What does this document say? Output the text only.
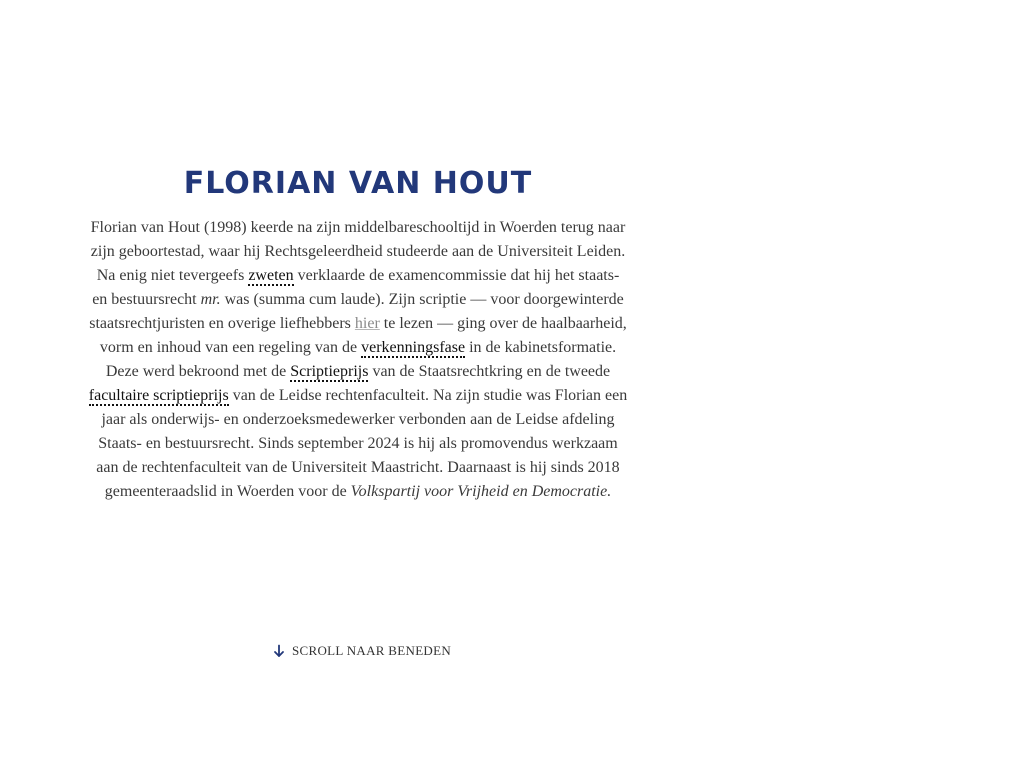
FLORIAN VAN HOUT

Florian van Hout (1998) keerde na zijn middelbareschooltijd in Woerden terug naar zijn geboortestad, waar hij Rechtsgeleerdheid studeerde aan de Universiteit Leiden. Na enig niet tevergeefs zweten verklaarde de examencommissie dat hij het staats- en bestuursrecht mr. was (summa cum laude). Zijn scriptie — voor doorgewinterde staatsrechtjuristen en overige liefhebbers hier te lezen — ging over de haalbaarheid, vorm en inhoud van een regeling van de verkenningsfase in de kabinetsformatie. Deze werd bekroond met de Scriptieprijs van de Staatsrechtkring en de tweede facultaire scriptieprijs van de Leidse rechtenfaculteit. Na zijn studie was Florian een jaar als onderwijs- en onderzoeksmedewerker verbonden aan de Leidse afdeling Staats- en bestuursrecht. Sinds september 2024 is hij als promovendus werkzaam aan de rechtenfaculteit van de Universiteit Maastricht. Daarnaast is hij sinds 2018 gemeenteraadslid in Woerden voor de Volkspartij voor Vrijheid en Democratie.

SCROLL NAAR BENEDEN
